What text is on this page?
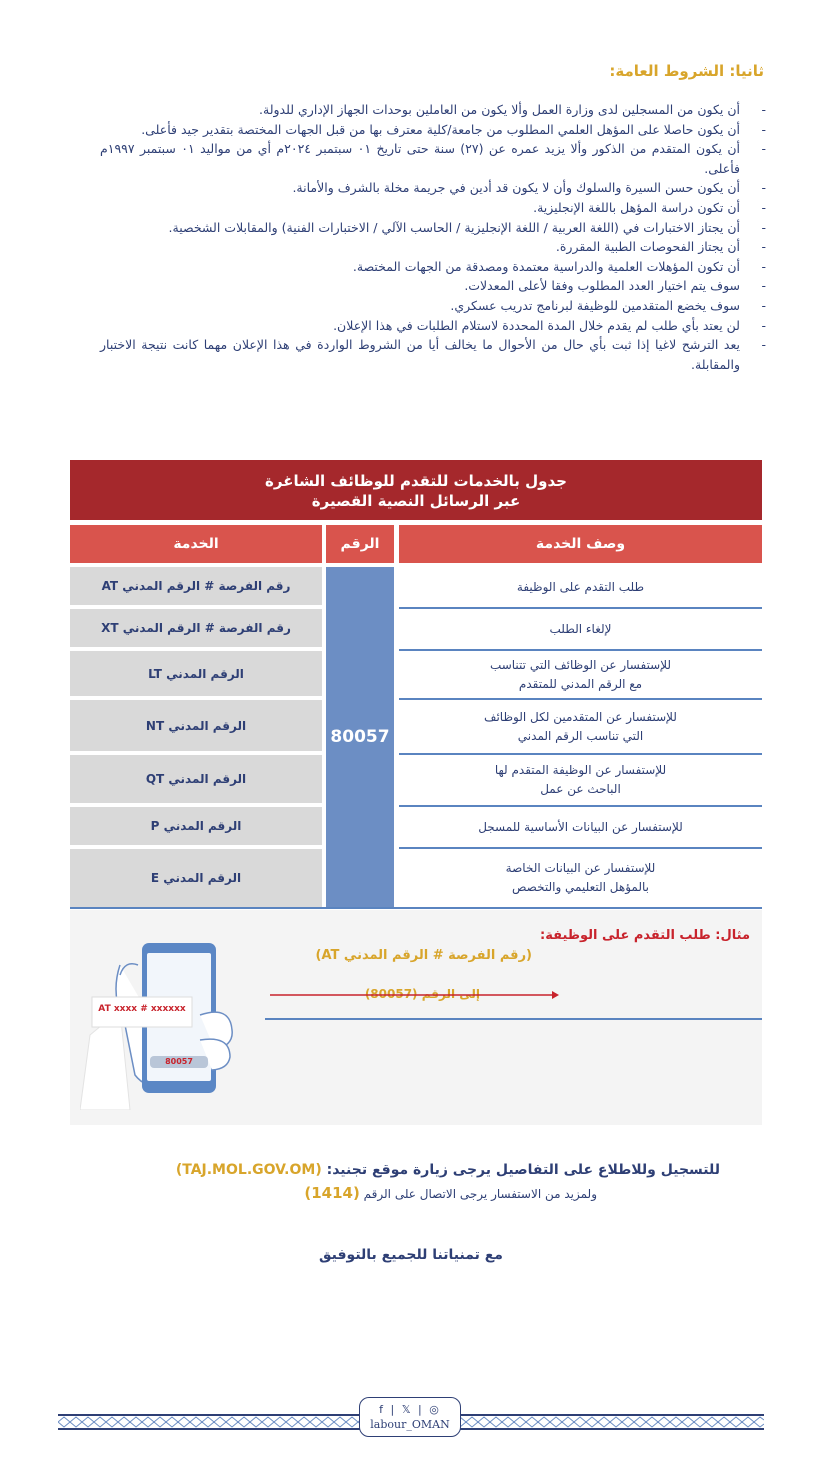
ثانيا: الشروط العامة:
- أن يكون من المسجلين لدى وزارة العمل وألا يكون من العاملين بوحدات الجهاز الإداري للدولة.
- أن يكون حاصلا على المؤهل العلمي المطلوب من جامعة/كلية معترف بها من قبل الجهات المختصة بتقدير جيد فأعلى.
- أن يكون المتقدم من الذكور وألا يزيد عمره عن (٢٧) سنة حتى تاريخ ٠١ سبتمبر ٢٠٢٤م أي من مواليد ٠١ سبتمبر ١٩٩٧م فأعلى.
- أن يكون حسن السيرة والسلوك وأن لا يكون قد أدين في جريمة مخلة بالشرف والأمانة.
- أن تكون دراسة المؤهل باللغة الإنجليزية.
- أن يجتاز الاختبارات في (اللغة العربية / اللغة الإنجليزية / الحاسب الآلي / الاختبارات الفنية) والمقابلات الشخصية.
- أن يجتاز الفحوصات الطبية المقررة.
- أن تكون المؤهلات العلمية والدراسية معتمدة ومصدقة من الجهات المختصة.
- سوف يتم اختيار العدد المطلوب وفقا لأعلى المعدلات.
- سوف يخضع المتقدمين للوظيفة لبرنامج تدريب عسكري.
- لن يعتد بأي طلب لم يقدم خلال المدة المحددة لاستلام الطلبات في هذا الإعلان.
- يعد الترشح لاغيا إذا ثبت بأي حال من الأحوال ما يخالف أيا من الشروط الواردة في هذا الإعلان مهما كانت نتيجة الاختبار والمقابلة.
جدول بالخدمات للتقدم للوظائف الشاغرة
عبر الرسائل النصية القصيرة
الخدمة	الرقم	وصف الخدمة
رقم الفرصة # الرقم المدني AT
رقم الفرصة # الرقم المدني XT
الرقم المدني LT
الرقم المدني NT
الرقم المدني QT
الرقم المدني P
الرقم المدني E
80057
طلب التقدم على الوظيفة
لإلغاء الطلب
للإستفسار عن الوظائف التي تتناسب
مع الرقم المدني للمتقدم
للإستفسار عن المتقدمين لكل الوظائف
التي تناسب الرقم المدني
للإستفسار عن الوظيفة المتقدم لها
الباحث عن عمل
للإستفسار عن البيانات الأساسية للمسجل
للإستفسار عن البيانات الخاصة
بالمؤهل التعليمي والتخصص
مثال: طلب التقدم على الوظيفة:
(رقم الفرصة # الرقم المدني AT)
إلى الرقم (80057)
AT xxxx # xxxxxx
80057
للتسجيل وللاطلاع على التفاصيل يرجى زيارة موقع تجنيد: (TAJ.MOL.GOV.OM)
ولمزيد من الاستفسار يرجى الاتصال على الرقم (1414)
مع تمنياتنا للجميع بالتوفيق
f | 𝕏 | ◎
labour_OMAN
